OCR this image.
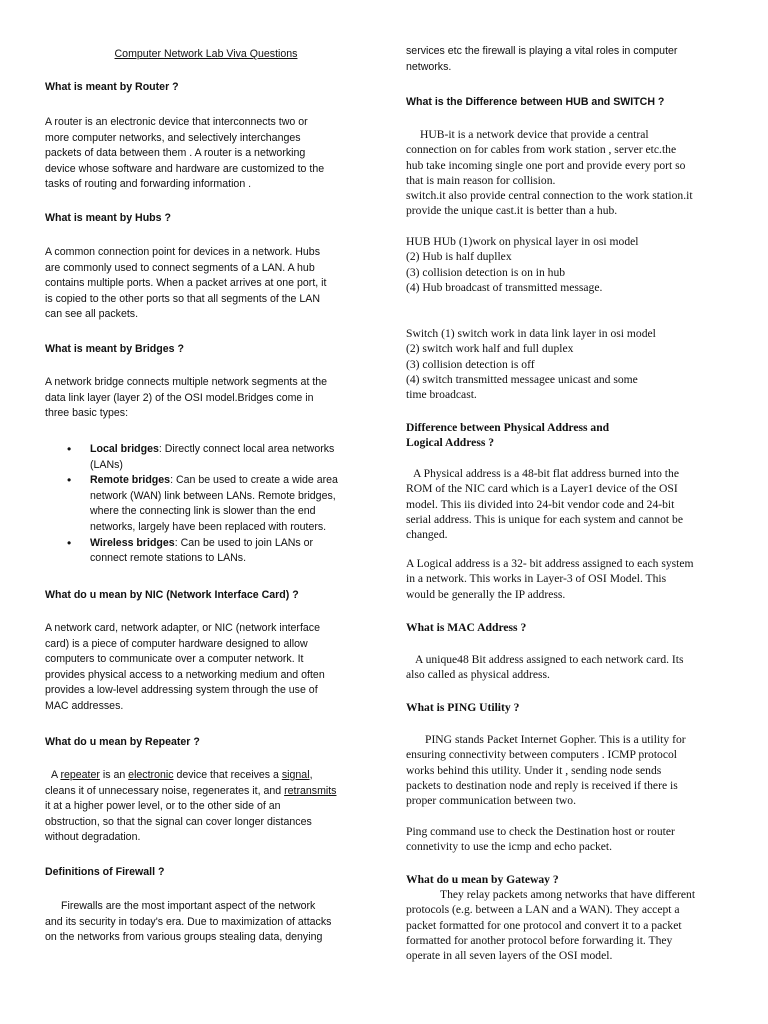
Computer Network Lab Viva Questions

What is meant by Router ?

A router is an electronic device that interconnects two or

more computer networks, and selectively interchanges

packets of data between them . A router is a networking

device whose software and hardware are customized to the

tasks of routing and forwarding information .

What is meant by Hubs ?

A common connection point for devices in a network. Hubs

are commonly used to connect segments of a LAN. A hub

contains multiple ports. When a packet arrives at one port, it

is copied to the other ports so that all segments of the LAN

can see all packets.

What is meant by Bridges ?

A network bridge connects multiple network segments at the

data link layer (layer 2) of the OSI model.Bridges come in

three basic types:

• Local bridges: Directly connect local area networks
(LANs)
• Remote bridges: Can be used to create a wide area
network (WAN) link between LANs. Remote bridges,
where the connecting link is slower than the end
networks, largely have been replaced with routers.
• Wireless bridges: Can be used to join LANs or
connect remote stations to LANs.

What do u mean by NIC (Network Interface Card) ?

A network card, network adapter, or NIC (network interface

card) is a piece of computer hardware designed to allow

computers to communicate over a computer network. It

provides physical access to a networking medium and often

provides a low-level addressing system through the use of

MAC addresses.

What do u mean by Repeater ?

A repeater is an electronic device that receives a signal,

cleans it of unnecessary noise, regenerates it, and retransmits

it at a higher power level, or to the other side of an

obstruction, so that the signal can cover longer distances

without degradation.

Definitions of Firewall ?

Firewalls are the most important aspect of the network

and its security in today's era. Due to maximization of attacks

on the networks from various groups stealing data, denying

services etc the firewall is playing a vital roles in computer

networks.

What is the Difference between HUB and SWITCH ?

HUB-it is a network device that provide a central

connection on for cables from work station , server etc.the

hub take incoming single one port and provide every port so

that is main reason for collision.

switch.it also provide central connection to the work station.it

provide the unique cast.it is better than a hub.

HUB HUb (1)work on physical layer in osi model

(2) Hub is half dupllex

(3) collision detection is on in hub

(4) Hub broadcast of transmitted message.

Switch (1) switch work in data link layer in osi model

(2) switch work half and full duplex

(3) collision detection is off

(4) switch transmitted messagee unicast and some

time broadcast.

Difference between Physical Address and

Logical Address ?

A Physical address is a 48-bit flat address burned into the

ROM of the NIC card which is a Layer1 device of the OSI

model. This iis divided into 24-bit vendor code and 24-bit

serial address. This is unique for each system and cannot be

changed.

A Logical address is a 32- bit address assigned to each system

in a network. This works in Layer-3 of OSI Model. This

would be generally the IP address.

What is MAC Address ?

A unique48 Bit address assigned to each network card. Its

also called as physical address.

What is PING Utility ?

PING stands Packet Internet Gopher. This is a utility for

ensuring connectivity between computers . ICMP protocol

works behind this utility. Under it , sending node sends

packets to destination node and reply is received if there is

proper communication between two.

Ping command use to check the Destination host or router

connetivity to use the icmp and echo packet.

What do u mean by Gateway ?

They relay packets among networks that have different

protocols (e.g. between a LAN and a WAN). They accept a

packet formatted for one protocol and convert it to a packet

formatted for another protocol before forwarding it. They

operate in all seven layers of the OSI model.
